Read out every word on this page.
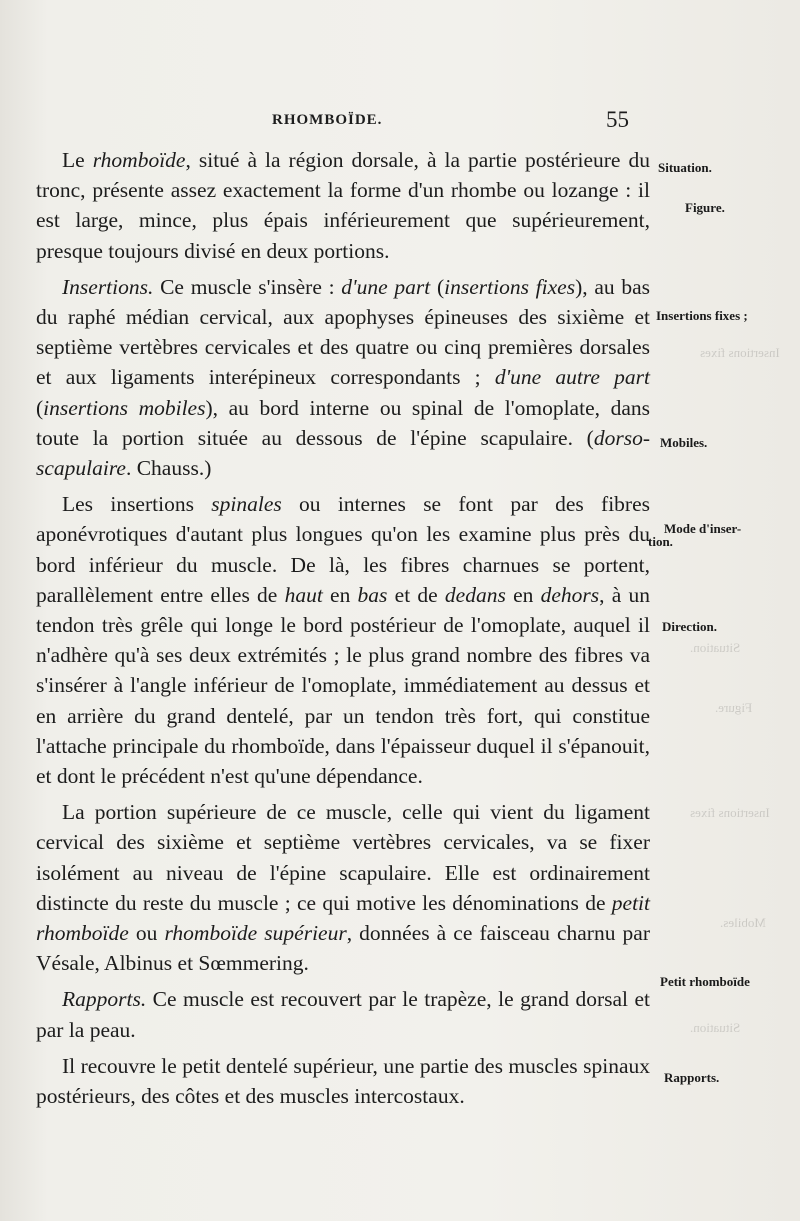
Insertions fixes
Situation.
Figure.
Insertions fixes
Mobiles.
Situation.
RHOMBOÏDE.	55

Le rhomboïde, situé à la région dorsale, à la partie postérieure du tronc, présente assez exactement la forme d'un rhombe ou lozange : il est large, mince, plus épais inférieurement que supérieurement, presque toujours divisé en deux portions.

Insertions. Ce muscle s'insère : d'une part (insertions fixes), au bas du raphé médian cervical, aux apophyses épineuses des sixième et septième vertèbres cervicales et des quatre ou cinq premières dorsales et aux ligaments interépineux correspondants ; d'une autre part (insertions mobiles), au bord interne ou spinal de l'omoplate, dans toute la portion située au dessous de l'épine scapulaire. (dorso-scapulaire. Chauss.)

Les insertions spinales ou internes se font par des fibres aponévrotiques d'autant plus longues qu'on les examine plus près du bord inférieur du muscle. De là, les fibres charnues se portent, parallèlement entre elles de haut en bas et de dedans en dehors, à un tendon très grêle qui longe le bord postérieur de l'omoplate, auquel il n'adhère qu'à ses deux extrémités ; le plus grand nombre des fibres va s'insérer à l'angle inférieur de l'omoplate, immédiatement au dessus et en arrière du grand dentelé, par un tendon très fort, qui constitue l'attache principale du rhomboïde, dans l'épaisseur duquel il s'épanouit, et dont le précédent n'est qu'une dépendance.

La portion supérieure de ce muscle, celle qui vient du ligament cervical des sixième et septième vertèbres cervicales, va se fixer isolément au niveau de l'épine scapulaire. Elle est ordinairement distincte du reste du muscle ; ce qui motive les dénominations de petit rhomboïde ou rhomboïde supérieur, données à ce faisceau charnu par Vésale, Albinus et Sœmmering.

Rapports. Ce muscle est recouvert par le trapèze, le grand dorsal et par la peau.

Il recouvre le petit dentelé supérieur, une partie des muscles spinaux postérieurs, des côtes et des muscles intercostaux.

Situation.
Figure.
Insertions fixes ;
Mobiles.
Mode d'inser-
tion.
Direction.
Petit rhomboïde
Rapports.
